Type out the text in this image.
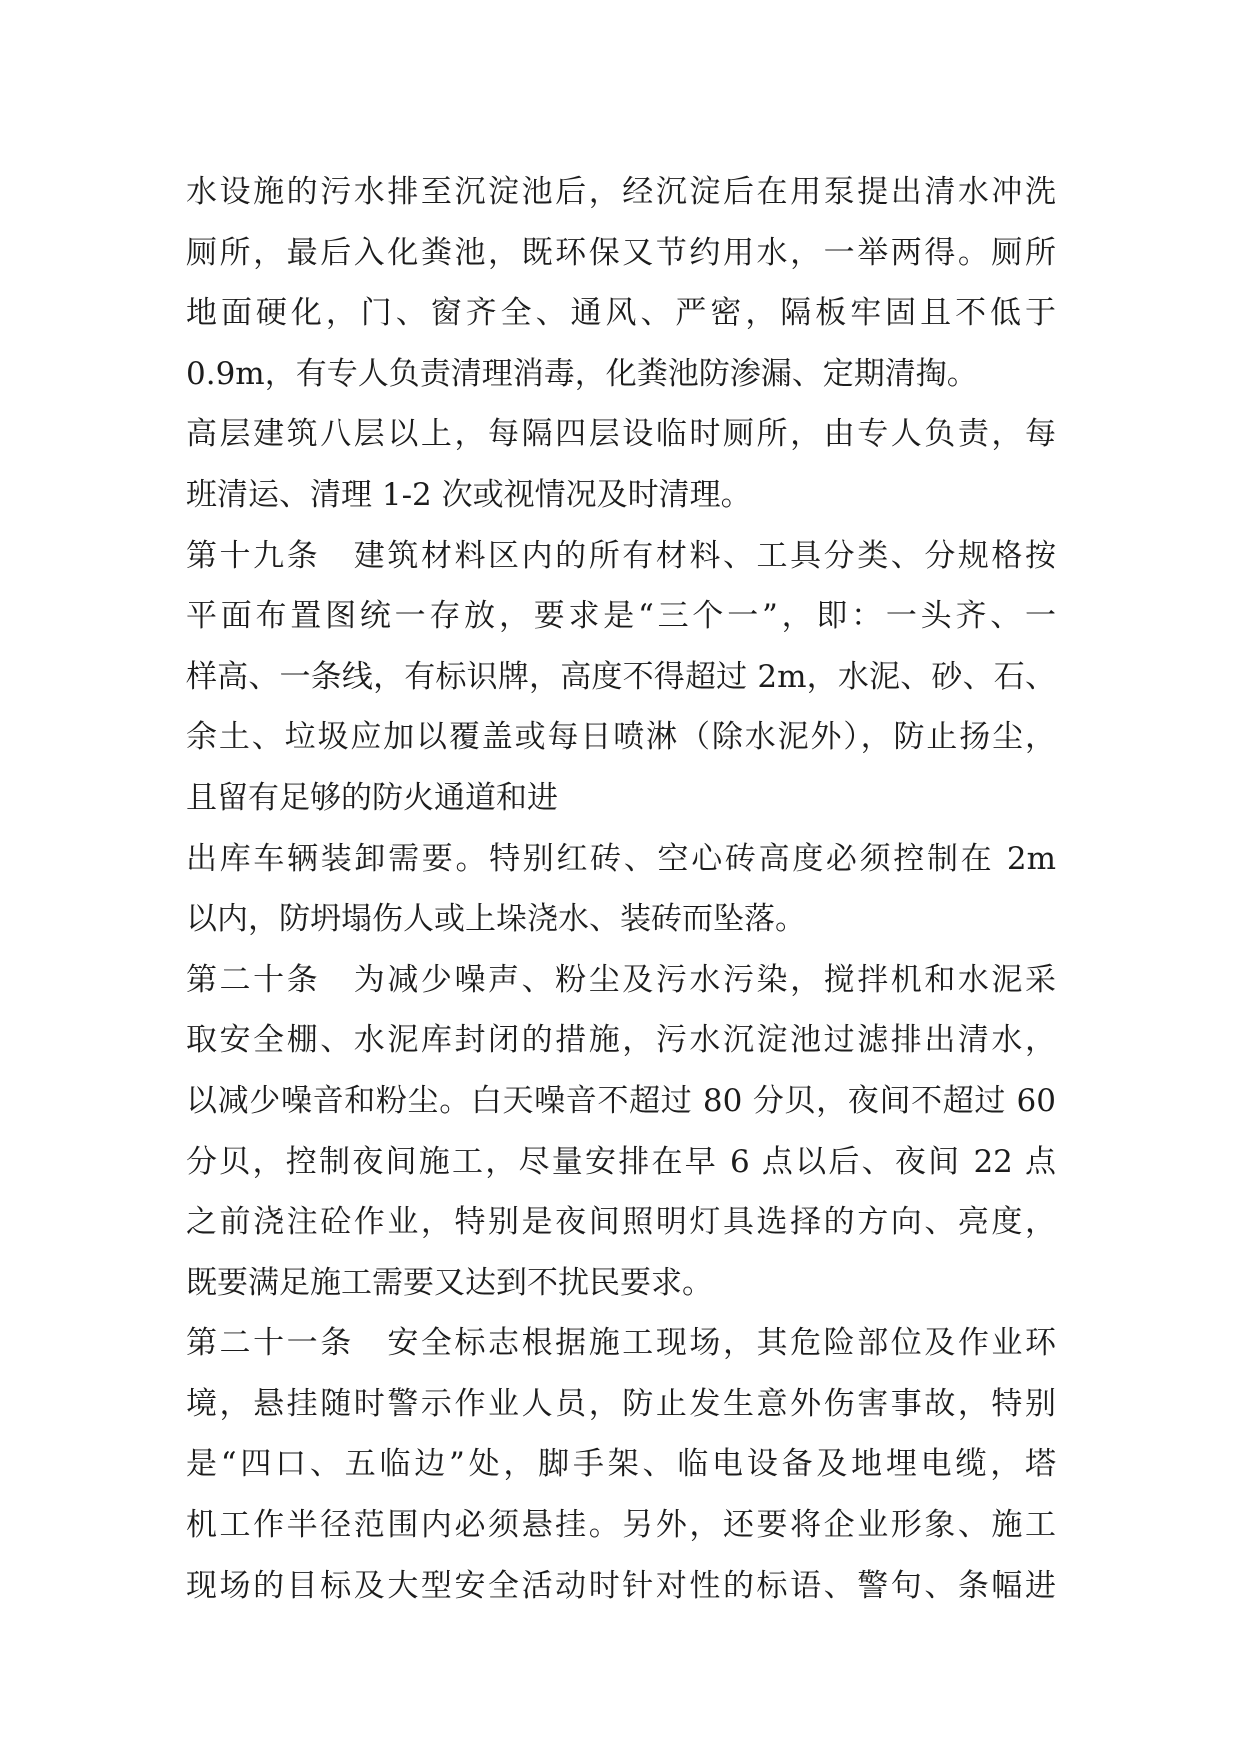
水设施的污水排至沉淀池后，经沉淀后在用泵提出清水冲洗
厕所，最后入化粪池，既环保又节约用水，一举两得。厕所
地面硬化，门、窗齐全、通风、严密，隔板牢固且不低于
0.9m，有专人负责清理消毒，化粪池防渗漏、定期清掏。
高层建筑八层以上，每隔四层设临时厕所，由专人负责，每
班清运、清理 1-2 次或视情况及时清理。
第十九条　建筑材料区内的所有材料、工具分类、分规格按
平面布置图统一存放，要求是“三个一”，即：一头齐、一
样高、一条线，有标识牌，高度不得超过 2m，水泥、砂、石、
余土、垃圾应加以覆盖或每日喷淋（除水泥外），防止扬尘，
且留有足够的防火通道和进
出库车辆装卸需要。特别红砖、空心砖高度必须控制在 2m
以内，防坍塌伤人或上垛浇水、装砖而坠落。
第二十条　为减少噪声、粉尘及污水污染，搅拌机和水泥采
取安全棚、水泥库封闭的措施，污水沉淀池过滤排出清水，
以减少噪音和粉尘。白天噪音不超过 80 分贝，夜间不超过 60
分贝，控制夜间施工，尽量安排在早 6 点以后、夜间 22 点
之前浇注砼作业，特别是夜间照明灯具选择的方向、亮度，
既要满足施工需要又达到不扰民要求。
第二十一条　安全标志根据施工现场，其危险部位及作业环
境，悬挂随时警示作业人员，防止发生意外伤害事故，特别
是“四口、五临边”处，脚手架、临电设备及地埋电缆，塔
机工作半径范围内必须悬挂。另外，还要将企业形象、施工
现场的目标及大型安全活动时针对性的标语、警句、条幅进
